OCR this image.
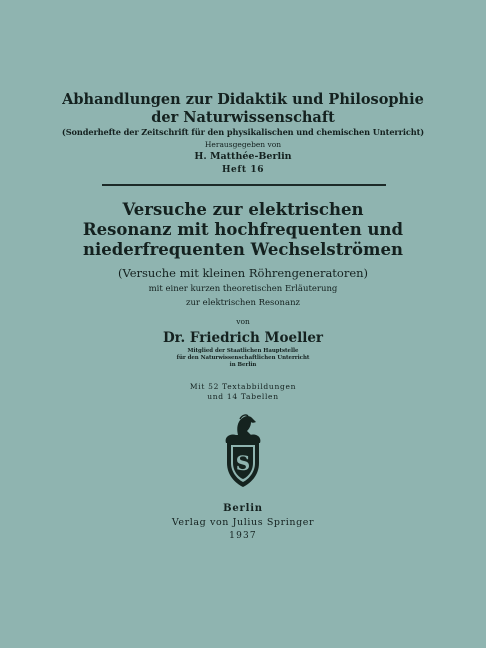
Abhandlungen zur Didaktik und Philosophie
der Naturwissenschaft
(Sonderhefte der Zeitschrift für den physikalischen und chemischen Unterricht)
Herausgegeben von
H. Matthée-Berlin
Heft 16
Versuche zur elektrischen
Resonanz mit hochfrequenten und
niederfrequenten Wechselströmen
(Versuche mit kleinen Röhrengeneratoren)
mit einer kurzen theoretischen Erläuterung
zur elektrischen Resonanz
von
Dr. Friedrich Moeller
Mitglied der Staatlichen Hauptstelle
für den Naturwissenschaftlichen Unterricht
in Berlin
Mit 52 Textabbildungen
und 14 Tabellen
S
Berlin
Verlag von Julius Springer
1937
